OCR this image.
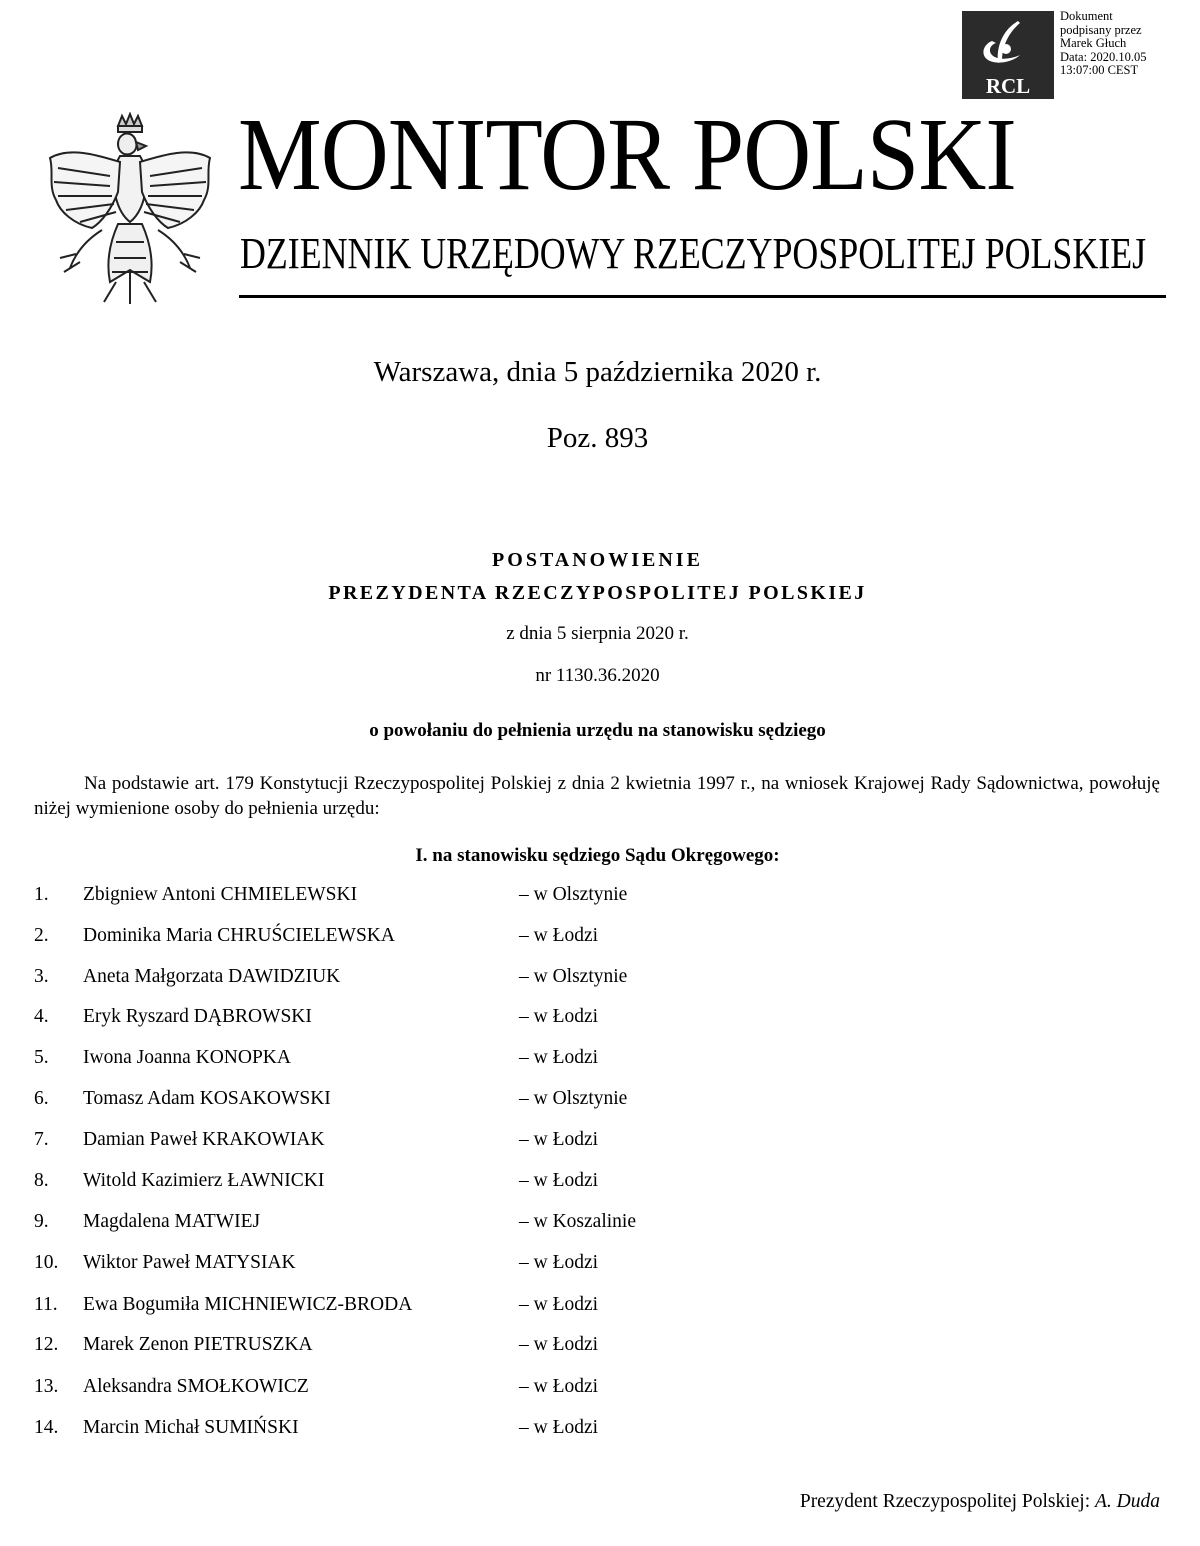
RCL
Dokument
podpisany przez
Marek Głuch
Data: 2020.10.05
13:07:00 CEST
MONITOR POLSKI
DZIENNIK URZĘDOWY RZECZYPOSPOLITEJ POLSKIEJ
Warszawa, dnia 5 października 2020 r.
Poz. 893
POSTANOWIENIE
PREZYDENTA RZECZYPOSPOLITEJ POLSKIEJ
z dnia 5 sierpnia 2020 r.
nr 1130.36.2020
o powołaniu do pełnienia urzędu na stanowisku sędziego
Na podstawie art. 179 Konstytucji Rzeczypospolitej Polskiej z dnia 2 kwietnia 1997 r., na wniosek Krajowej Rady Sądownictwa, powołuję niżej wymienione osoby do pełnienia urzędu:
I. na stanowisku sędziego Sądu Okręgowego:
1. Zbigniew Antoni CHMIELEWSKI	– w Olsztynie
2. Dominika Maria CHRUŚCIELEWSKA	– w Łodzi
3. Aneta Małgorzata DAWIDZIUK	– w Olsztynie
4. Eryk Ryszard DĄBROWSKI	– w Łodzi
5. Iwona Joanna KONOPKA	– w Łodzi
6. Tomasz Adam KOSAKOWSKI	– w Olsztynie
7. Damian Paweł KRAKOWIAK	– w Łodzi
8. Witold Kazimierz ŁAWNICKI	– w Łodzi
9. Magdalena MATWIEJ	– w Koszalinie
10. Wiktor Paweł MATYSIAK	– w Łodzi
11. Ewa Bogumiła MICHNIEWICZ-BRODA	– w Łodzi
12. Marek Zenon PIETRUSZKA	– w Łodzi
13. Aleksandra SMOŁKOWICZ	– w Łodzi
14. Marcin Michał SUMIŃSKI	– w Łodzi
Prezydent Rzeczypospolitej Polskiej: A. Duda
